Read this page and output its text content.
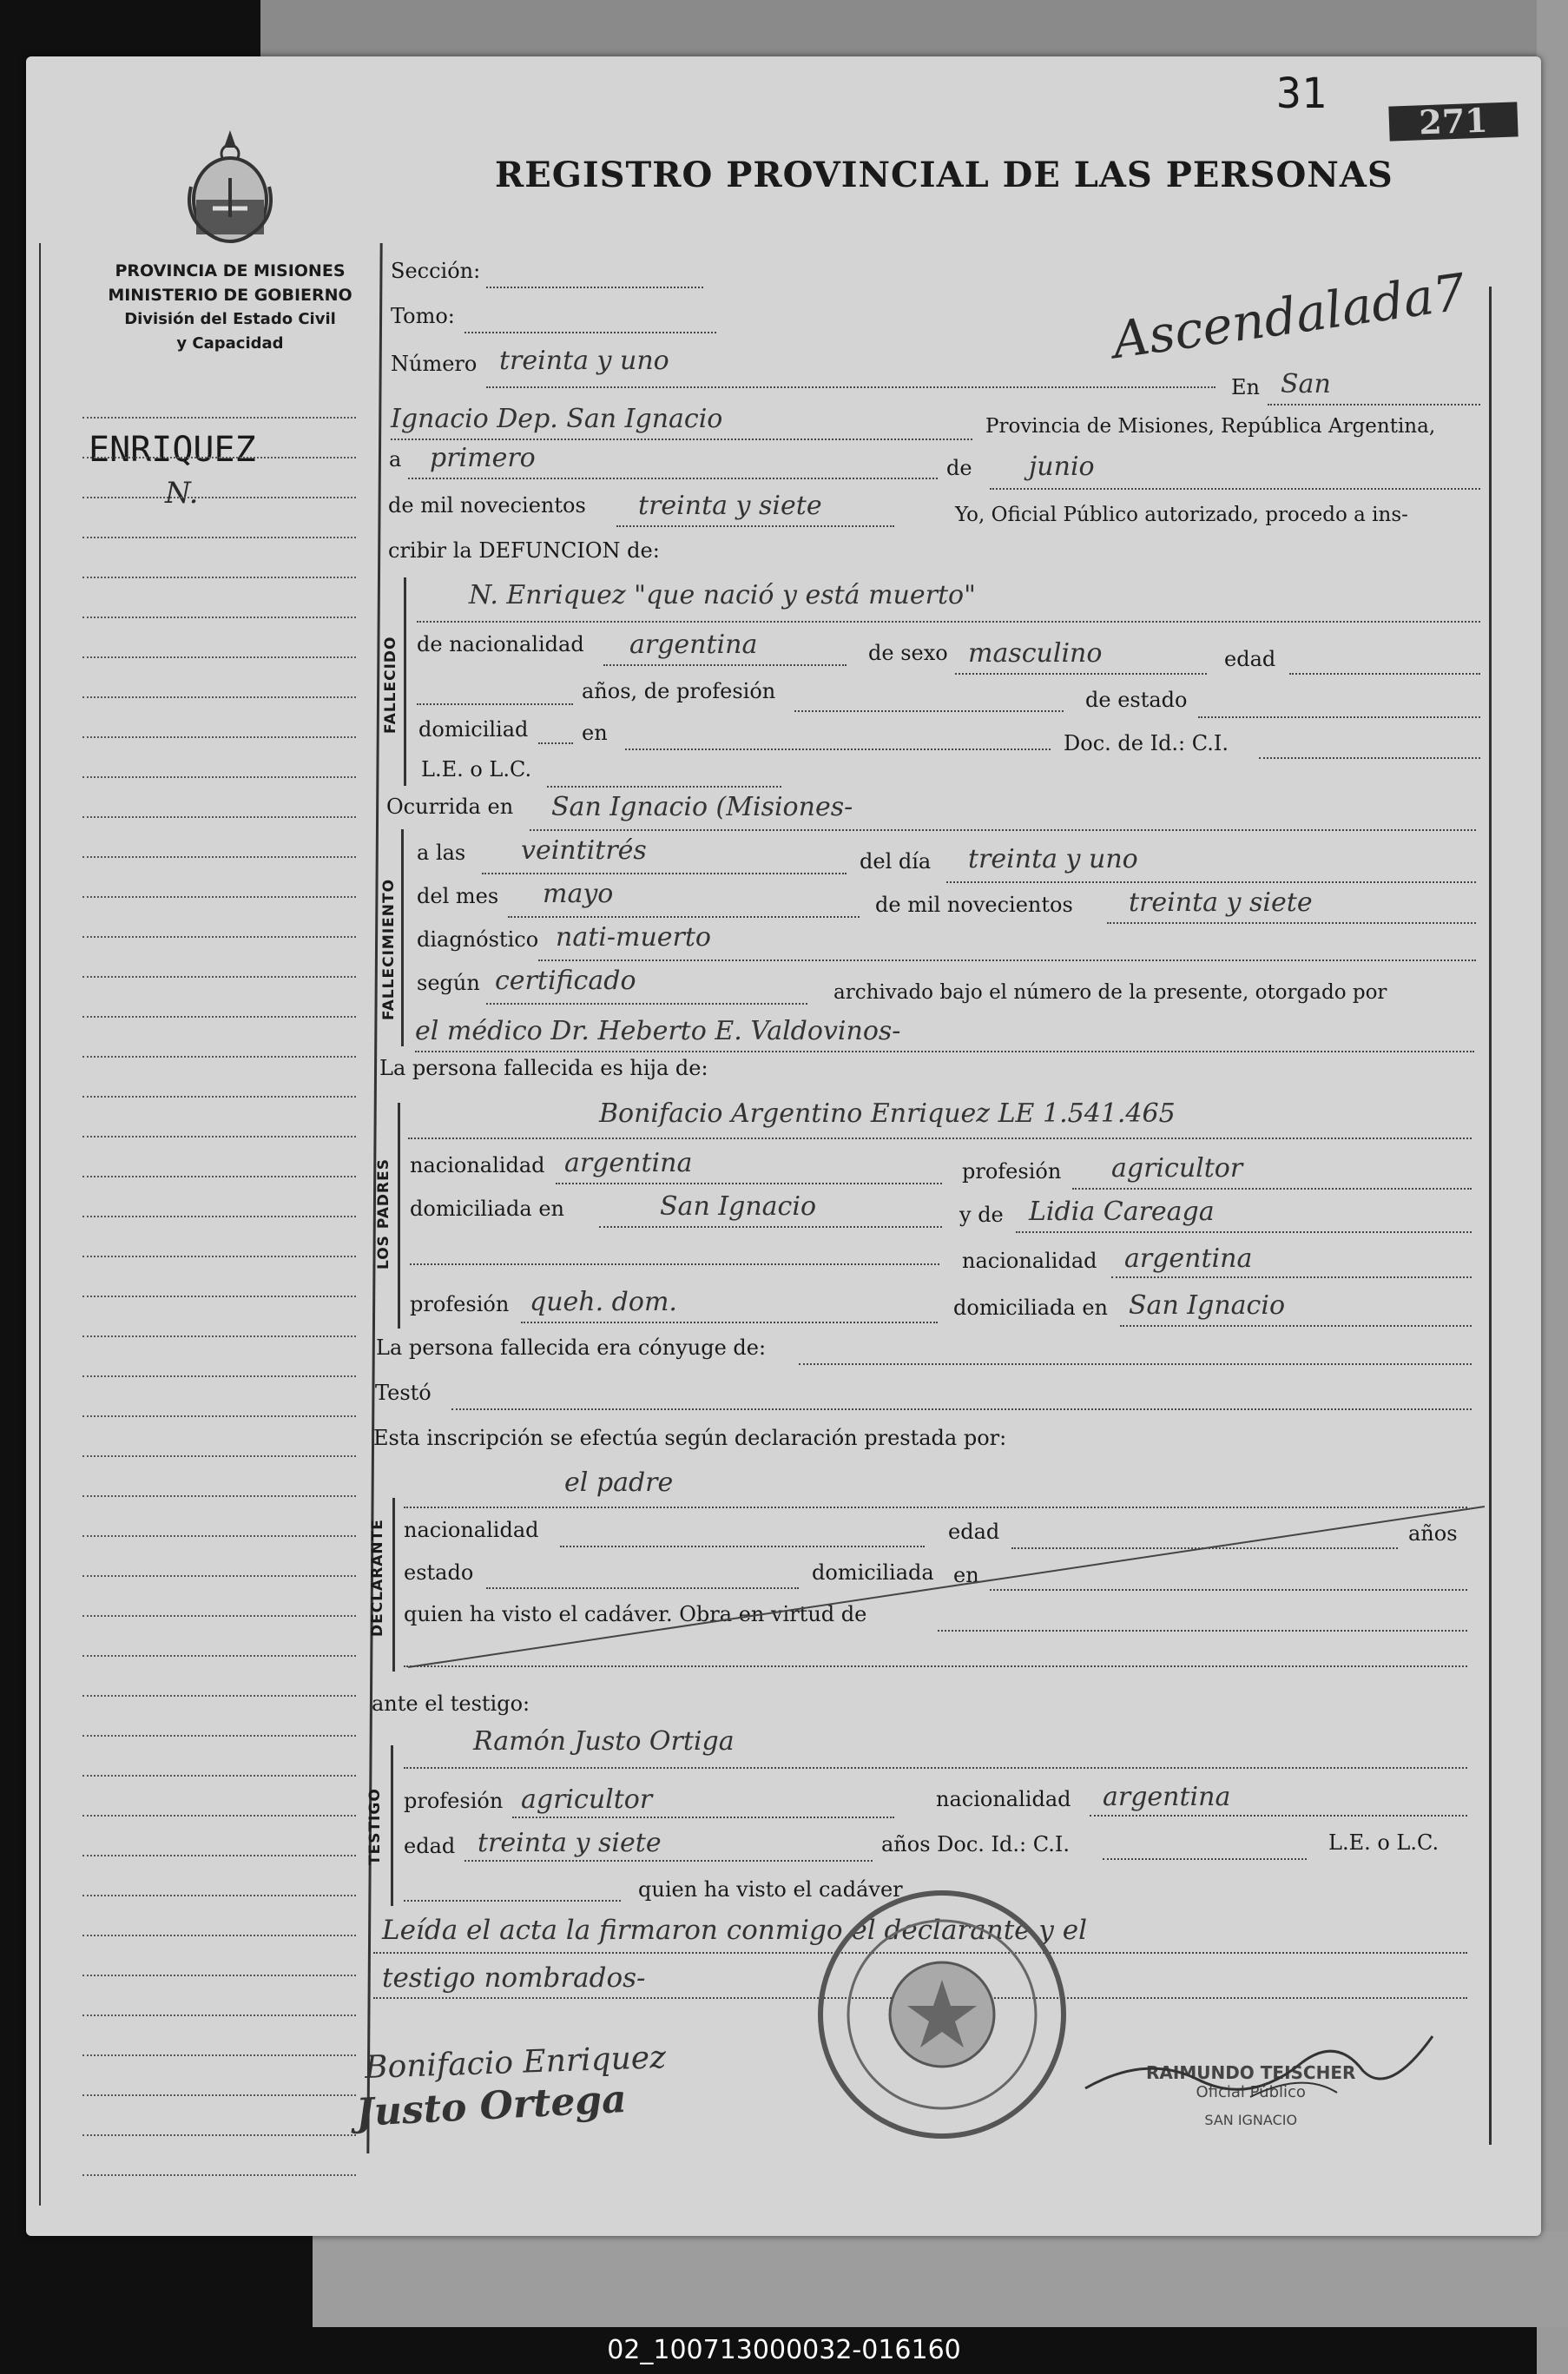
31
271
REGISTRO PROVINCIAL DE LAS PERSONAS
PROVINCIA DE MISIONES
MINISTERIO DE GOBIERNO
División del Estado Civil
y Capacidad	Ascendalada7
ENRIQUEZ
N.
Sección:
Tomo:
Número treinta y uno
En San
Ignacio Dep. San Ignacio	Provincia de Misiones, República Argentina,
a primero	de junio
de mil novecientos treinta y siete	Yo, Oficial Público autorizado, procedo a ins-
cribir la DEFUNCION de:
FALLECIDO
N. Enriquez "que nació y está muerto"
de nacionalidad argentina	de sexo masculino	edad
años, de profesión	de estado
domiciliad	en	Doc. de Id.: C.I.
L.E. o L.C.
Ocurrida en San Ignacio (Misiones-
FALLECIMIENTO
a las veintitrés	del día treinta y uno
del mes mayo	de mil novecientos treinta y siete
diagnóstico nati-muerto
según certificado	archivado bajo el número de la presente, otorgado por
el médico Dr. Heberto E. Valdovinos-
La persona fallecida es hija de:
LOS PADRES
Bonifacio Argentino Enriquez LE 1.541.465
nacionalidad argentina	profesión agricultor
domiciliada en	San Ignacio	y de Lidia Careaga
nacionalidad argentina
profesión queh. dom.	domiciliada en San Ignacio
La persona fallecida era cónyuge de:
Testó
Esta inscripción se efectúa según declaración prestada por:
DECLARANTE
el padre
nacionalidad	edad	años
estado	domiciliada en
quien ha visto el cadáver. Obra en virtud de
ante el testigo:
TESTIGO
Ramón Justo Ortiga
profesión agricultor	nacionalidad argentina
edad treinta y siete	años Doc. Id.: C.I.	L.E. o L.C.
quien ha visto el cadáver
Leída el acta la firmaron conmigo el declarante y el
testigo nombrados-
Bonifacio Enriquez
Justo Ortega
RAIMUNDO TEISCHER
Oficial Público
SAN IGNACIO
02_100713000032-016160
